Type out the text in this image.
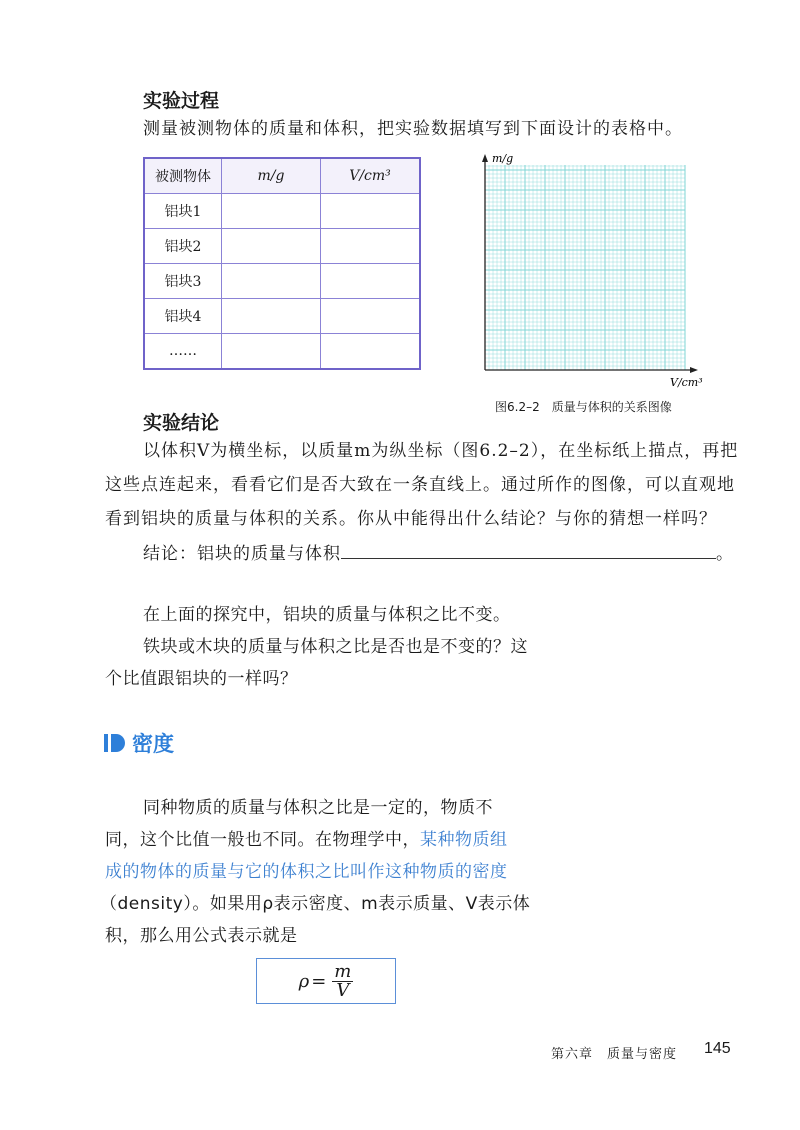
实验过程
测量被测物体的质量和体积，把实验数据填写到下面设计的表格中。
被测物体	m/g	V/cm³
铝块1		
铝块2		
铝块3		
铝块4		
……		
m/g
V/cm³
图6.2–2　质量与体积的关系图像
实验结论
以体积V为横坐标，以质量m为纵坐标（图6.2–2），在坐标纸上描点，再把
这些点连起来，看看它们是否大致在一条直线上。通过所作的图像，可以直观地
看到铝块的质量与体积的关系。你从中能得出什么结论？与你的猜想一样吗？
结论：铝块的质量与体积	。
在上面的探究中，铝块的质量与体积之比不变。
铁块或木块的质量与体积之比是否也是不变的？这
个比值跟铝块的一样吗？
密度
同种物质的质量与体积之比是一定的，物质不
同，这个比值一般也不同。在物理学中，某种物质组
成的物体的质量与它的体积之比叫作这种物质的密度
（density）。如果用ρ表示密度、m表示质量、V表示体
积，那么用公式表示就是
$\rho = \frac{m}{V}$
第六章　质量与密度 145
